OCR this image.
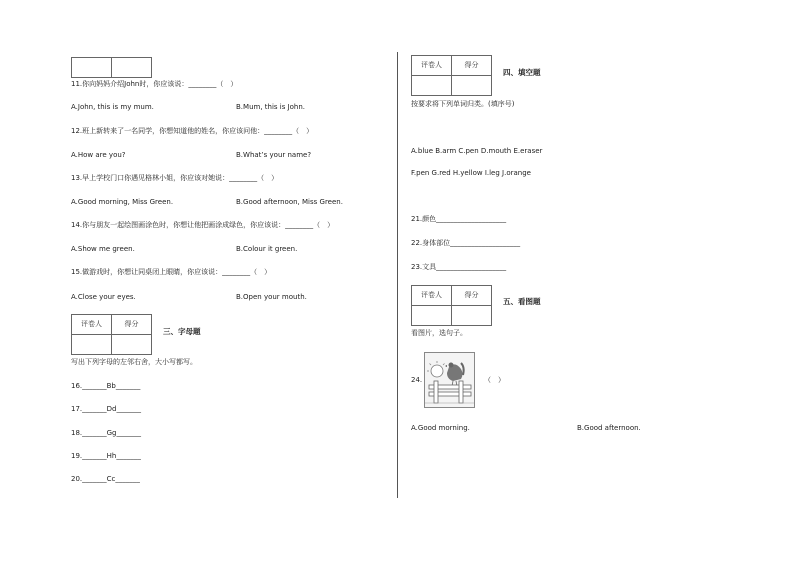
11.你向妈妈介绍John时，你应该说：________（　）
A.John, this is my mum.	B.Mum, this is John.
12.班上新转来了一名同学，你想知道他的姓名，你应该问他：________（　）
A.How are you?	B.What’s your name?
13.早上学校门口你遇见格林小姐，你应该对她说：________（　）
A.Good morning, Miss Green.	B.Good afternoon, Miss Green.
14.你与朋友一起绘图画涂色时，你想让他把画涂成绿色，你应该说：________（　）
A.Show me green.	B.Colour it green.
15.做游戏时，你想让同桌闭上眼睛，你应该说：________（　）
A.Close your eyes.	B.Open your mouth.
评卷人	得分

三、字母题
写出下列字母的左邻右舍，大小写都写。
16._______Bb_______
17._______Dd_______
18._______Gg_______
19._______Hh_______
20._______Cc_______
评卷人	得分

四、填空题
按要求将下列单词归类。(填序号)
A.blue B.arm C.pen D.mouth E.eraser
F.pen G.red H.yellow I.leg J.orange
21.颜色____________________
22.身体部位____________________
23.文具____________________
评卷人	得分

五、看图题
看图片，选句子。
24.	（　）
A.Good morning.	B.Good afternoon.
